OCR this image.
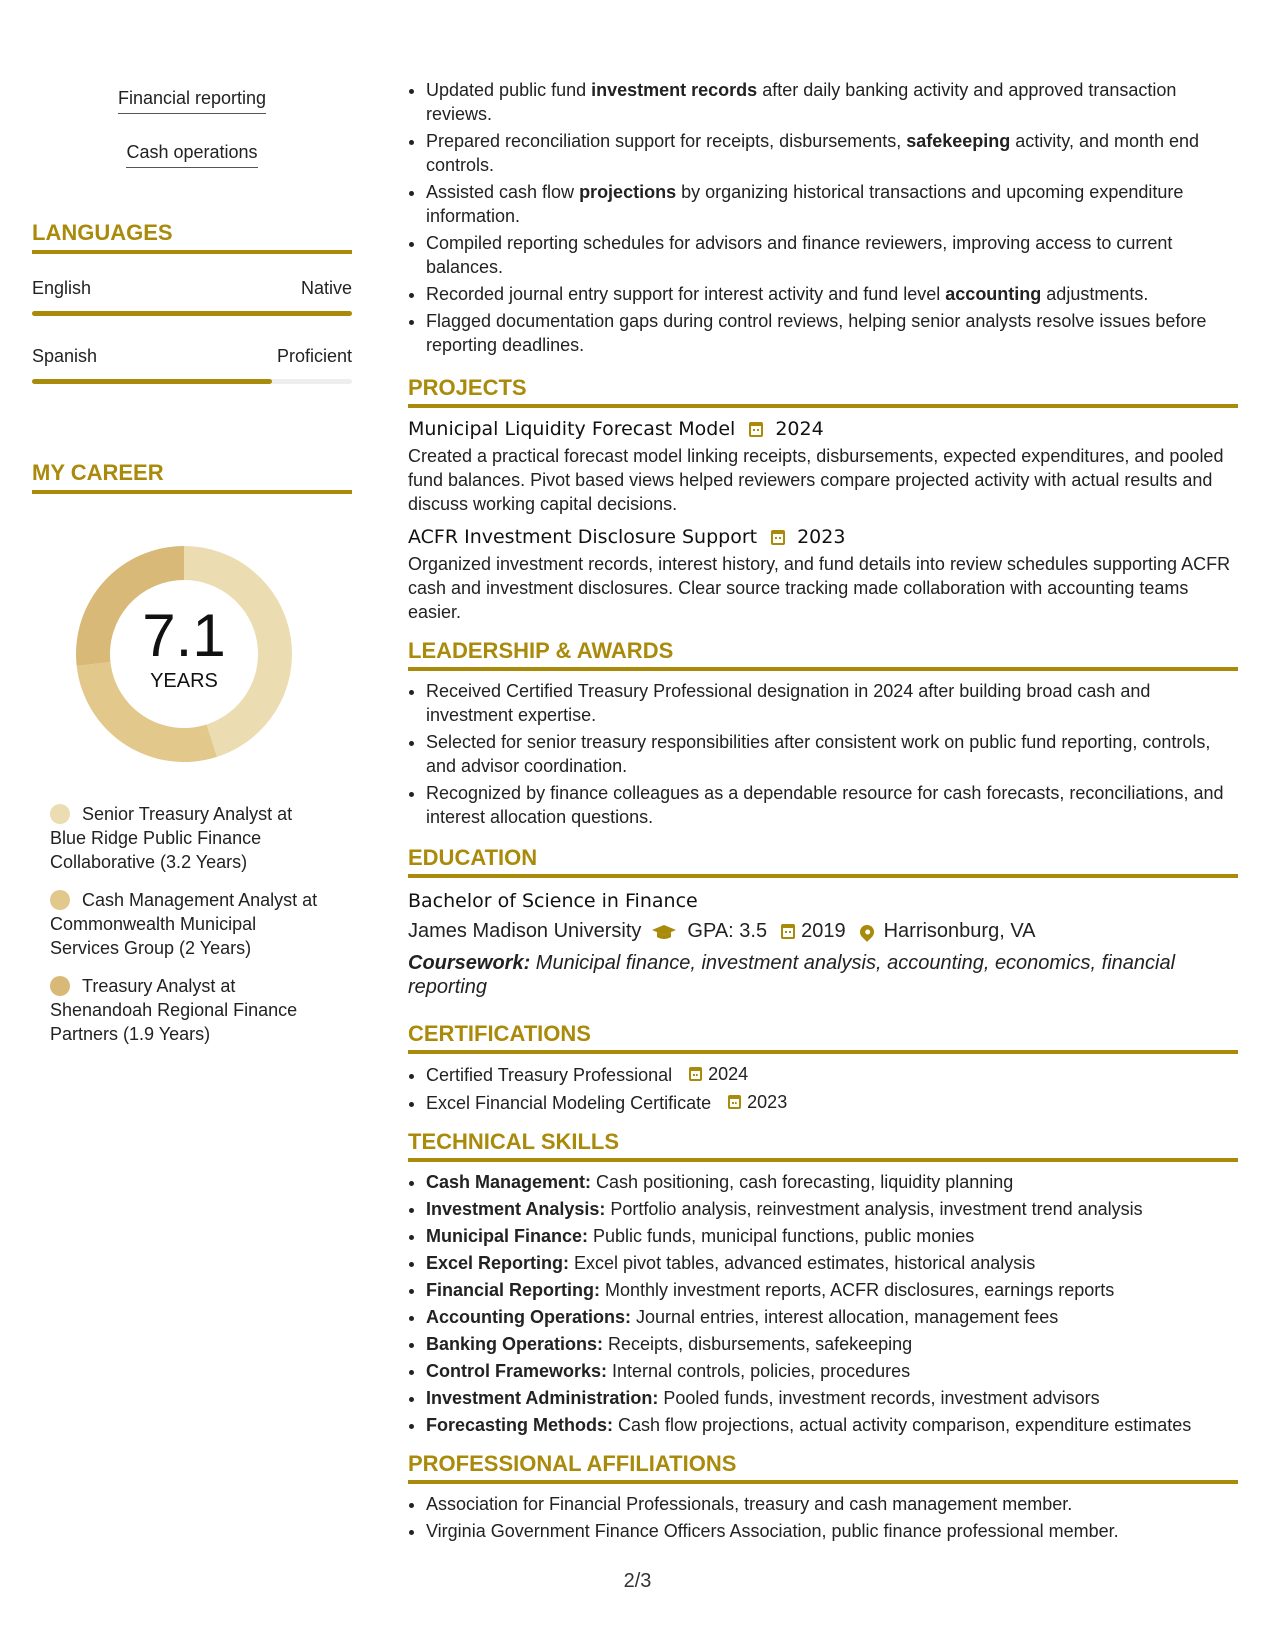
Financial reporting
Cash operations
LANGUAGES
English	Native
Spanish	Proficient
MY CAREER
7.1
YEARS
Senior Treasury Analyst at Blue Ridge Public Finance Collaborative (3.2 Years)
Cash Management Analyst at Commonwealth Municipal Services Group (2 Years)
Treasury Analyst at Shenandoah Regional Finance Partners (1.9 Years)
• Updated public fund investment records after daily banking activity and approved transaction reviews.
• Prepared reconciliation support for receipts, disbursements, safekeeping activity, and month end controls.
• Assisted cash flow projections by organizing historical transactions and upcoming expenditure information.
• Compiled reporting schedules for advisors and finance reviewers, improving access to current balances.
• Recorded journal entry support for interest activity and fund level accounting adjustments.
• Flagged documentation gaps during control reviews, helping senior analysts resolve issues before reporting deadlines.
PROJECTS
Municipal Liquidity Forecast Model 2024
Created a practical forecast model linking receipts, disbursements, expected expenditures, and pooled fund balances. Pivot based views helped reviewers compare projected activity with actual results and discuss working capital decisions.
ACFR Investment Disclosure Support 2023
Organized investment records, interest history, and fund details into review schedules supporting ACFR cash and investment disclosures. Clear source tracking made collaboration with accounting teams easier.
LEADERSHIP & AWARDS
• Received Certified Treasury Professional designation in 2024 after building broad cash and investment expertise.
• Selected for senior treasury responsibilities after consistent work on public fund reporting, controls, and advisor coordination.
• Recognized by finance colleagues as a dependable resource for cash forecasts, reconciliations, and interest allocation questions.
EDUCATION
Bachelor of Science in Finance
James Madison University GPA: 3.5 2019 Harrisonburg, VA
Coursework: Municipal finance, investment analysis, accounting, economics, financial reporting
CERTIFICATIONS
• Certified Treasury Professional 2024
• Excel Financial Modeling Certificate 2023
TECHNICAL SKILLS
• Cash Management: Cash positioning, cash forecasting, liquidity planning
• Investment Analysis: Portfolio analysis, reinvestment analysis, investment trend analysis
• Municipal Finance: Public funds, municipal functions, public monies
• Excel Reporting: Excel pivot tables, advanced estimates, historical analysis
• Financial Reporting: Monthly investment reports, ACFR disclosures, earnings reports
• Accounting Operations: Journal entries, interest allocation, management fees
• Banking Operations: Receipts, disbursements, safekeeping
• Control Frameworks: Internal controls, policies, procedures
• Investment Administration: Pooled funds, investment records, investment advisors
• Forecasting Methods: Cash flow projections, actual activity comparison, expenditure estimates
PROFESSIONAL AFFILIATIONS
• Association for Financial Professionals, treasury and cash management member.
• Virginia Government Finance Officers Association, public finance professional member.
2/3
